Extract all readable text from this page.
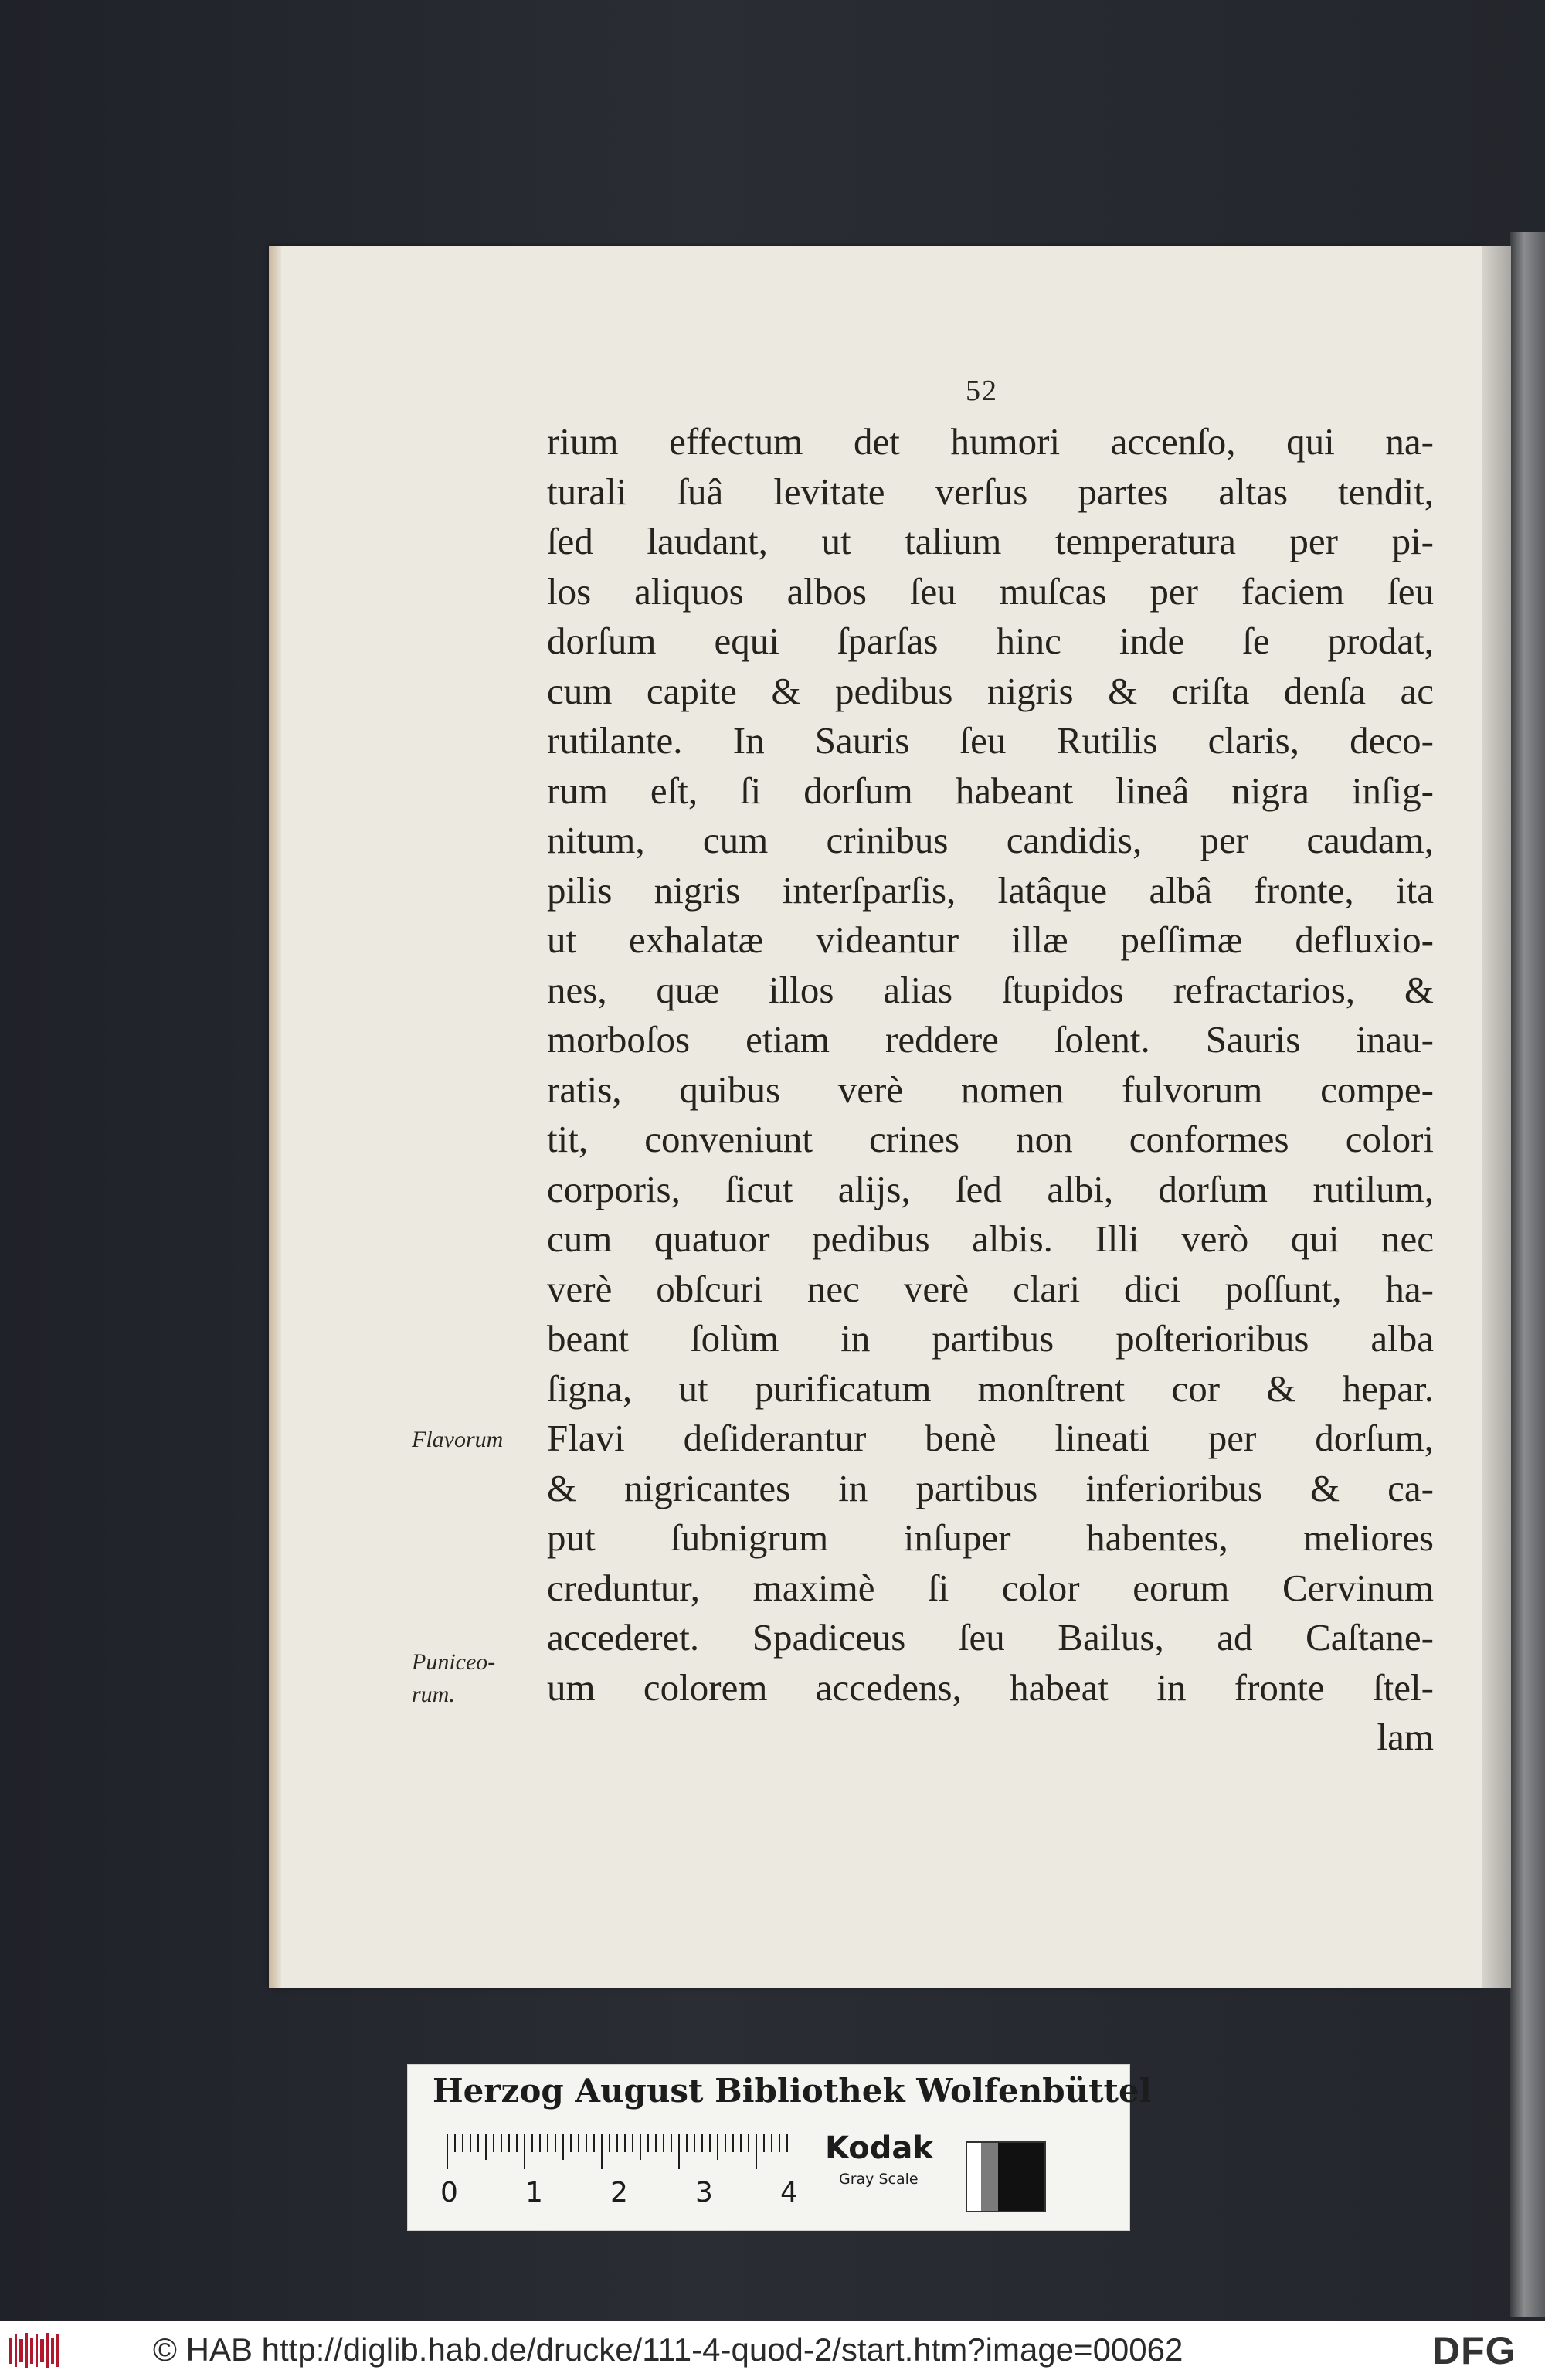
52
rium effectum det humori accenſo, qui na-
turali ſuâ levitate verſus partes altas tendit,
ſed laudant, ut talium temperatura per pi-
los aliquos albos ſeu muſcas per faciem ſeu
dorſum equi ſparſas hinc inde ſe prodat,
cum capite & pedibus nigris & criſta denſa ac
rutilante. In Sauris ſeu Rutilis claris, deco-
rum eſt, ſi dorſum habeant lineâ nigra inſig-
nitum, cum crinibus candidis, per caudam,
pilis nigris interſparſis, latâque albâ fronte, ita
ut exhalatæ videantur illæ peſſimæ defluxio-
nes, quæ illos alias ſtupidos refractarios, &
morboſos etiam reddere ſolent. Sauris inau-
ratis, quibus verè nomen fulvorum compe-
tit, conveniunt crines non conformes colori
corporis, ſicut alijs, ſed albi, dorſum rutilum,
cum quatuor pedibus albis. Illi verò qui nec
verè obſcuri nec verè clari dici poſſunt, ha-
beant ſolùm in partibus poſterioribus alba
ſigna, ut purificatum monſtrent cor & hepar.
Flavi deſiderantur benè lineati per dorſum,
& nigricantes in partibus inferioribus & ca-
put ſubnigrum inſuper habentes, meliores
creduntur, maximè ſi color eorum Cervinum
accederet. Spadiceus ſeu Bailus, ad Caſtane-
um colorem accedens, habeat in fronte ſtel-
lam
Flavorum
Puniceo-
rum.
Herzog August Bibliothek Wolfenbüttel
0 1 2 3 4
Kodak
Gray Scale
© HAB http://diglib.hab.de/drucke/111-4-quod-2/start.htm?image=00062	DFG
